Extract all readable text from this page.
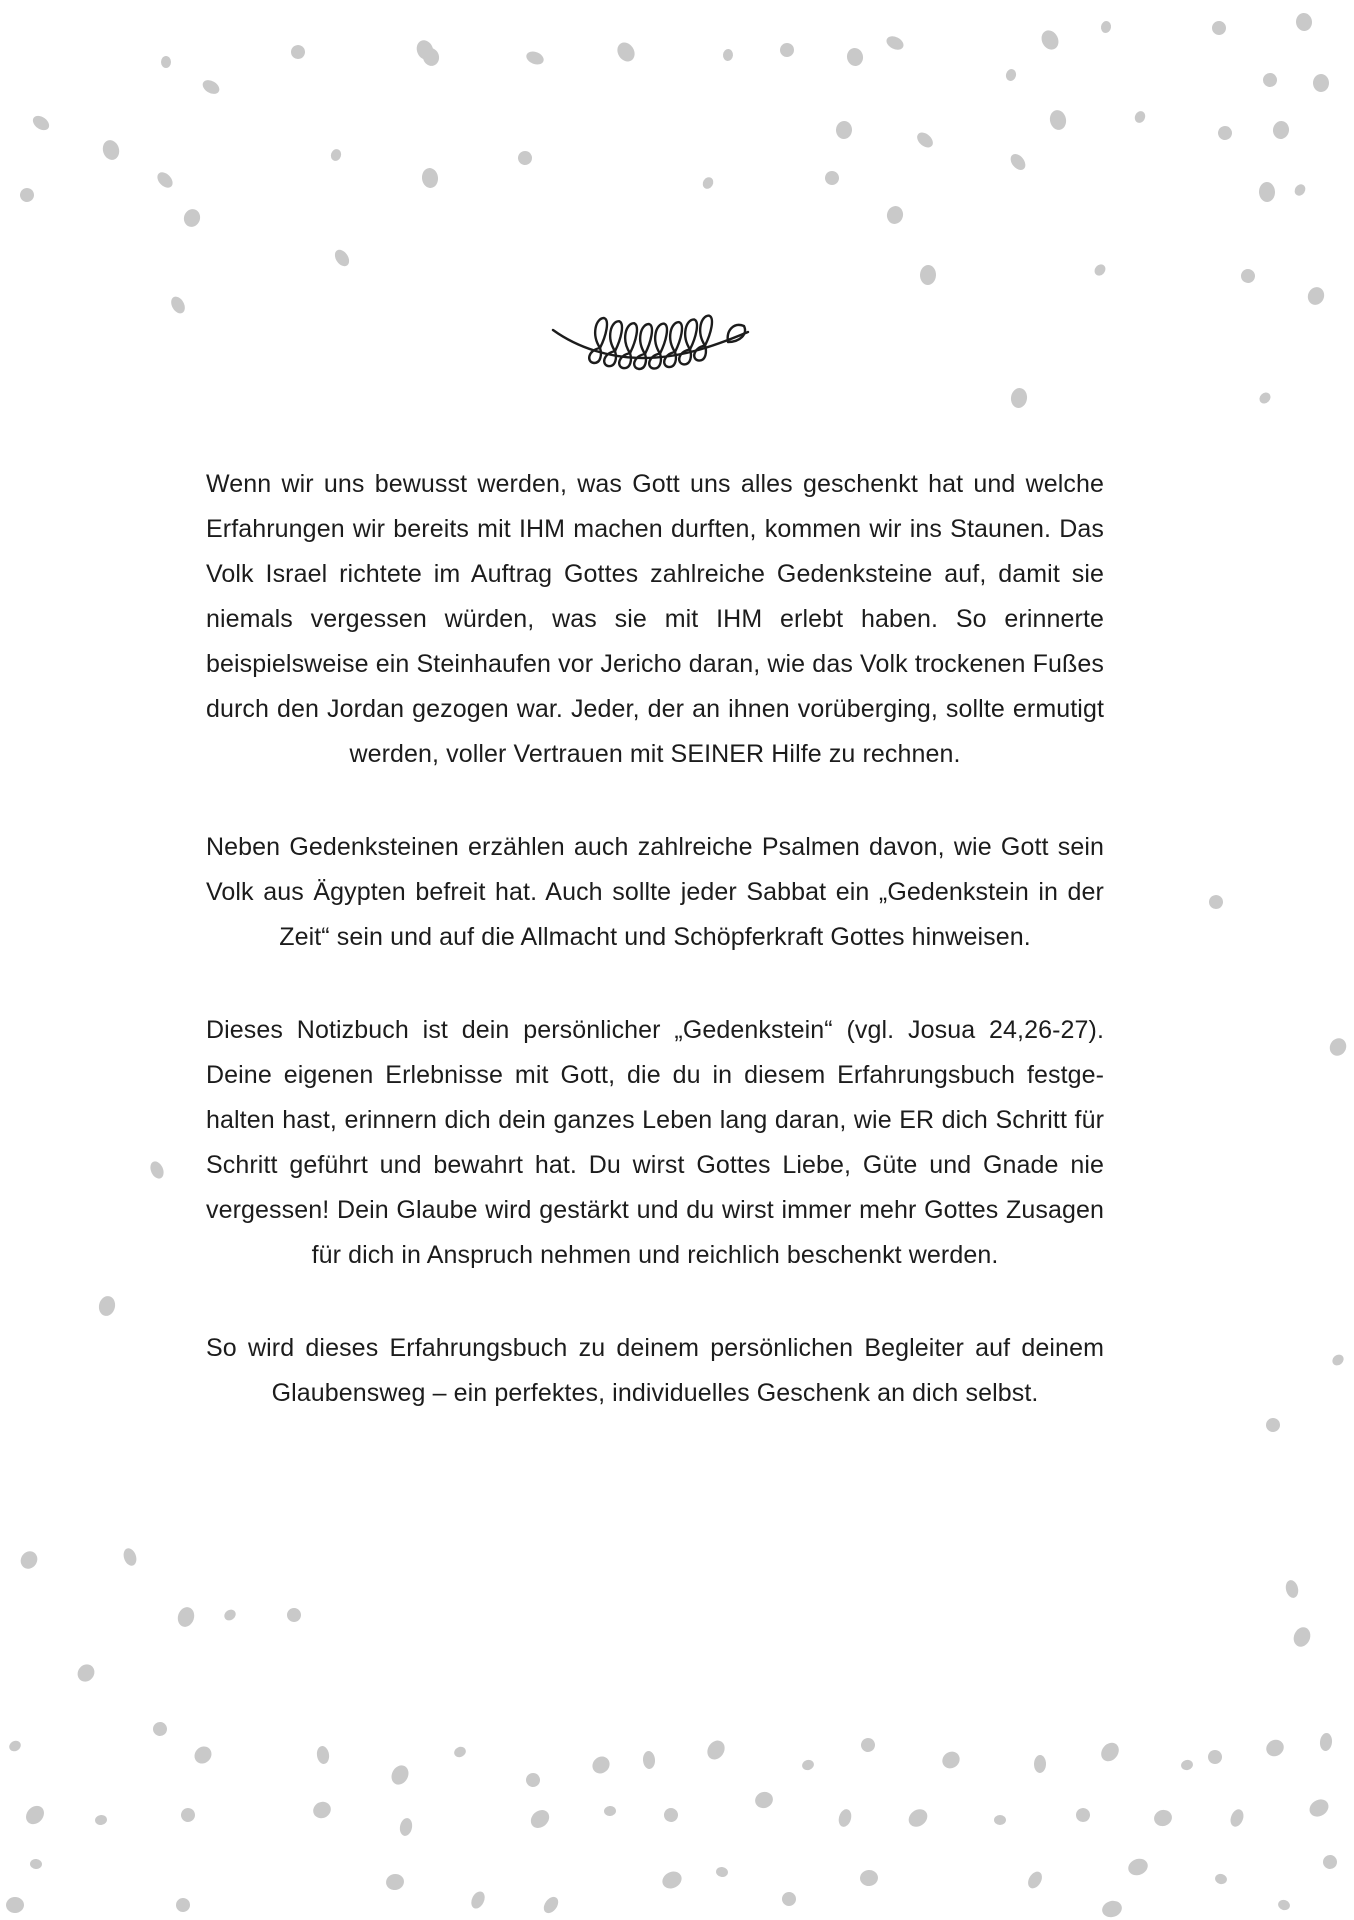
Wenn wir uns bewusst werden, was Gott uns alles geschenkt hat und welche Erfahrungen wir bereits mit IHM machen durften, kommen wir ins Staunen. Das Volk Israel richtete im Auftrag Gottes zahlreiche Gedenksteine auf, damit sie niemals vergessen würden, was sie mit IHM erlebt haben. So erinnerte beispielsweise ein Steinhaufen vor Jericho daran, wie das Volk trockenen Fußes durch den Jordan gezogen war. Jeder, der an ihnen vorüberging, sollte ermutigt werden, voller Vertrauen mit SEINER Hilfe zu rechnen.

Neben Gedenksteinen erzählen auch zahlreiche Psalmen davon, wie Gott sein Volk aus Ägypten befreit hat. Auch sollte jeder Sabbat ein „Gedenkstein in der Zeit“ sein und auf die Allmacht und Schöpferkraft Gottes hinweisen.

Dieses Notizbuch ist dein persönlicher „Gedenkstein“ (vgl. Josua 24,26-27). Deine eigenen Erlebnisse mit Gott, die du in diesem Erfahrungsbuch festgehalten hast, erinnern dich dein ganzes Leben lang daran, wie ER dich Schritt für Schritt geführt und bewahrt hat. Du wirst Gottes Liebe, Güte und Gnade nie vergessen! Dein Glaube wird gestärkt und du wirst immer mehr Gottes Zusagen für dich in Anspruch nehmen und reichlich beschenkt werden.

So wird dieses Erfahrungsbuch zu deinem persönlichen Begleiter auf deinem Glaubensweg – ein perfektes, individuelles Geschenk an dich selbst.
